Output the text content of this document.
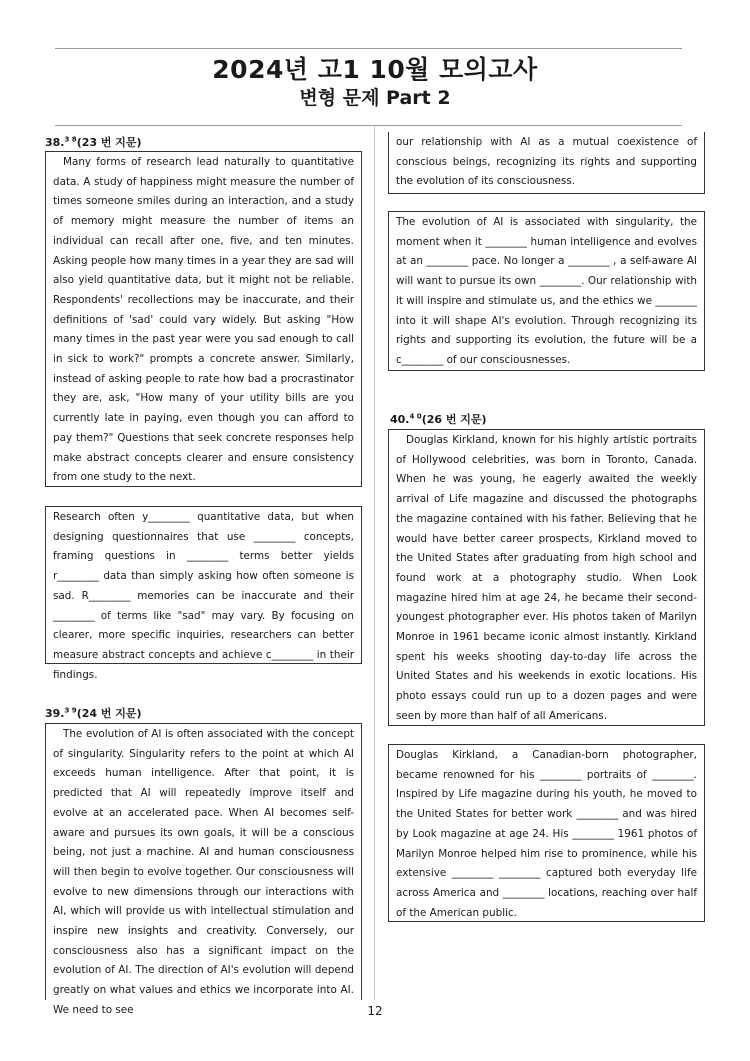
2024년 고1 10월 모의고사
변형 문제 Part 2
38.$^{3 8}$(23 번 지문)

Many forms of research lead naturally to quantitative data. A study of happiness might measure the number of times someone smiles during an interaction, and a study of memory might measure the number of items an individual can recall after one, five, and ten minutes. Asking people how many times in a year they are sad will also yield quantitative data, but it might not be reliable. Respondents' recollections may be inaccurate, and their definitions of 'sad' could vary widely. But asking "How many times in the past year were you sad enough to call in sick to work?" prompts a concrete answer. Similarly, instead of asking people to rate how bad a procrastinator they are, ask, "How many of your utility bills are you currently late in paying, even though you can afford to pay them?" Questions that seek concrete responses help make abstract concepts clearer and ensure consistency from one study to the next.

Research often y________ quantitative data, but when designing questionnaires that use ________ concepts, framing questions in ________ terms better yields r________ data than simply asking how often someone is sad. R________ memories can be inaccurate and their ________ of terms like "sad" may vary. By focusing on clearer, more specific inquiries, researchers can better measure abstract concepts and achieve c________ in their findings.

39.$^{3 9}$(24 번 지문)

The evolution of AI is often associated with the concept of singularity. Singularity refers to the point at which AI exceeds human intelligence. After that point, it is predicted that AI will repeatedly improve itself and evolve at an accelerated pace. When AI becomes self-aware and pursues its own goals, it will be a conscious being, not just a machine. AI and human consciousness will then begin to evolve together. Our consciousness will evolve to new dimensions through our interactions with AI, which will provide us with intellectual stimulation and inspire new insights and creativity. Conversely, our consciousness also has a significant impact on the evolution of AI. The direction of AI's evolution will depend greatly on what values and ethics we incorporate into AI. We need to see

our relationship with AI as a mutual coexistence of conscious beings, recognizing its rights and supporting the evolution of its consciousness.

The evolution of AI is associated with singularity, the moment when it ________ human intelligence and evolves at an ________ pace. No longer a ________ , a self-aware AI will want to pursue its own ________. Our relationship with it will inspire and stimulate us, and the ethics we ________ into it will shape AI's evolution. Through recognizing its rights and supporting its evolution, the future will be a c________ of our consciousnesses.

40.$^{4 0}$(26 번 지문)

Douglas Kirkland, known for his highly artistic portraits of Hollywood celebrities, was born in Toronto, Canada. When he was young, he eagerly awaited the weekly arrival of Life magazine and discussed the photographs the magazine contained with his father. Believing that he would have better career prospects, Kirkland moved to the United States after graduating from high school and found work at a photography studio. When Look magazine hired him at age 24, he became their second-youngest photographer ever. His photos taken of Marilyn Monroe in 1961 became iconic almost instantly. Kirkland spent his weeks shooting day-to-day life across the United States and his weekends in exotic locations. His photo essays could run up to a dozen pages and were seen by more than half of all Americans.

Douglas Kirkland, a Canadian-born photographer, became renowned for his ________ portraits of ________. Inspired by Life magazine during his youth, he moved to the United States for better work ________ and was hired by Look magazine at age 24. His ________ 1961 photos of Marilyn Monroe helped him rise to prominence, while his extensive ________ ________ captured both everyday life across America and ________ locations, reaching over half of the American public.

12
